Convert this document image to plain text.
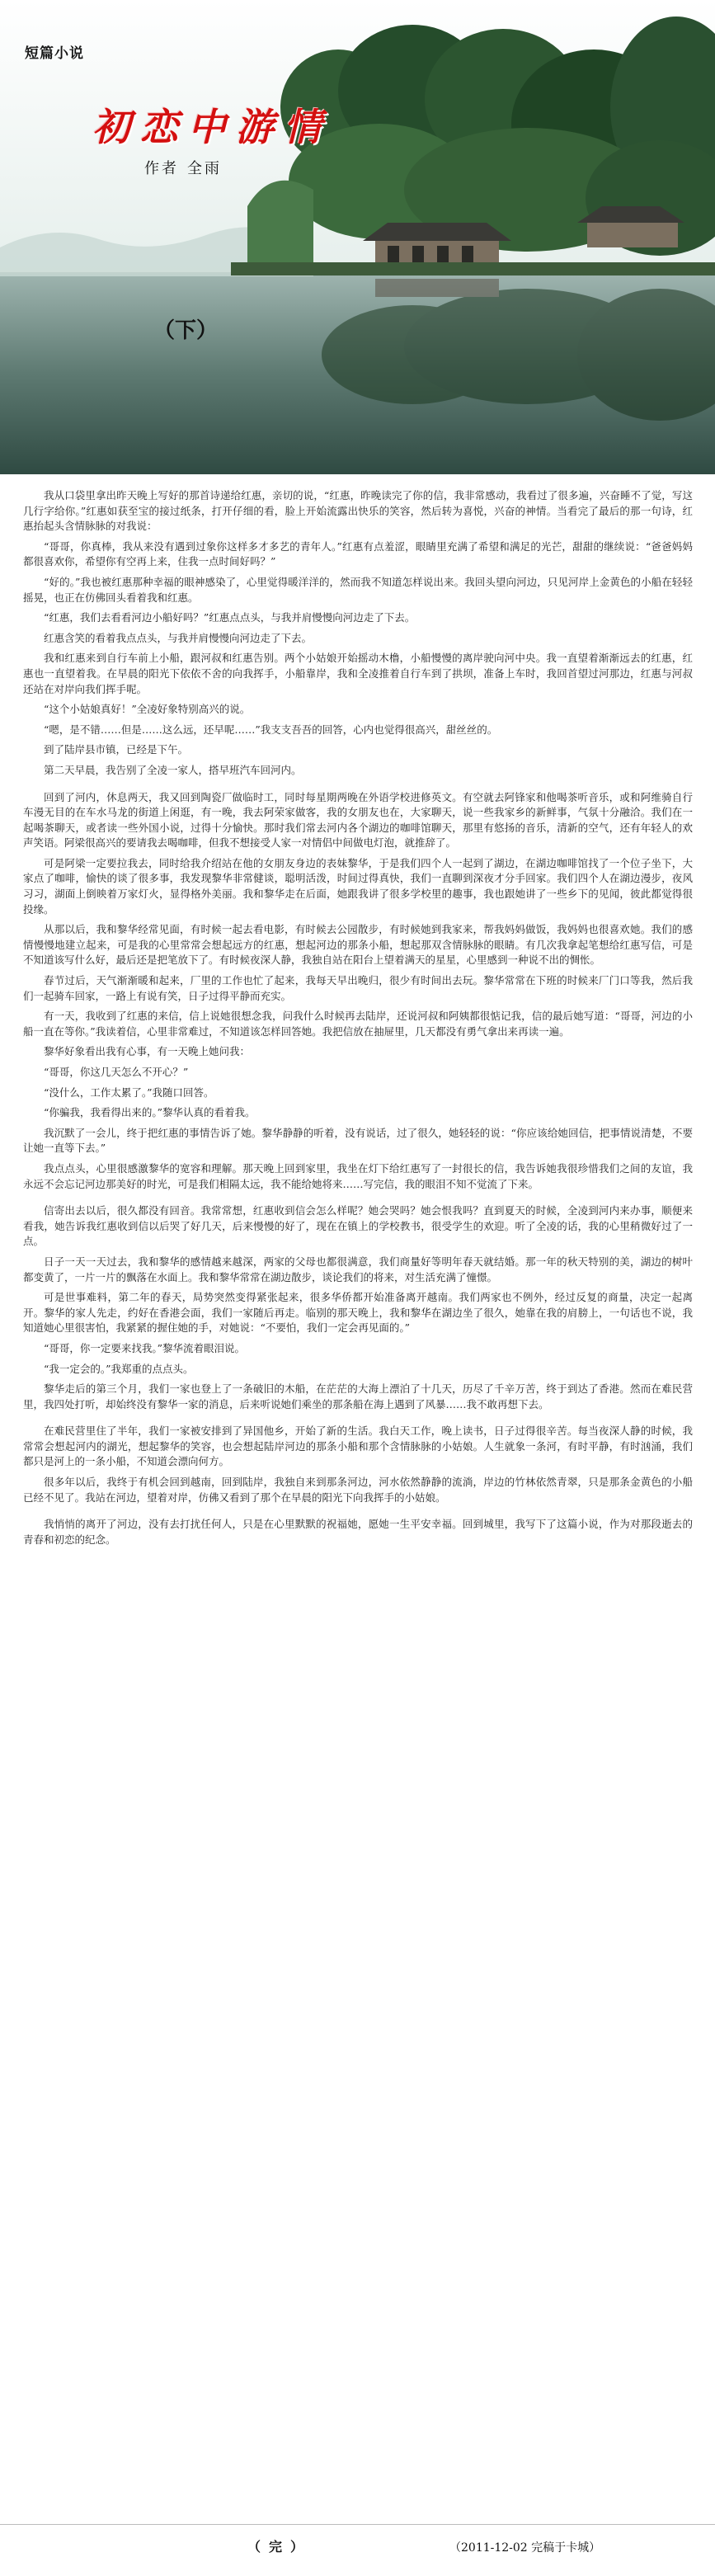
短篇小说
初恋中游情
作者 全雨
（下）

我从口袋里拿出昨天晚上写好的那首诗递给红惠，亲切的说，“红惠，昨晚读完了你的信，我非常感动，我看过了很多遍，兴奋睡不了觉，写这几行字给你。”红惠如获至宝的接过纸条，打开仔细的看，脸上开始流露出快乐的笑容，然后转为喜悦，兴奋的神情。当看完了最后的那一句诗，红惠抬起头含情脉脉的对我说：

“哥哥，你真棒，我从来没有遇到过象你这样多才多艺的青年人。”红惠有点羞涩，眼睛里充满了希望和满足的光芒，甜甜的继续说：“爸爸妈妈都很喜欢你，希望你有空再上来，住我一点时间好吗？”

“好的。”我也被红惠那种幸福的眼神感染了，心里觉得暖洋洋的，然而我不知道怎样说出来。我回头望向河边，只见河岸上金黄色的小船在轻轻摇晃，也正在仿佛回头看着我和红惠。

“红惠，我们去看看河边小船好吗？”红惠点点头，与我并肩慢慢向河边走了下去。

红惠含笑的看着我点点头，与我并肩慢慢向河边走了下去。

我和红惠来到自行车前上小船，跟河叔和红惠告别。两个小姑娘开始摇动木橹，小船慢慢的离岸驶向河中央。我一直望着渐渐远去的红惠，红惠也一直望着我。在早晨的阳光下依依不舍的向我挥手，小船靠岸，我和全凌推着自行车到了拱坝，准备上车时，我回首望过河那边，红惠与河叔还站在对岸向我们挥手呢。

“这个小姑娘真好！”全凌好象特别高兴的说。

“嗯，是不错……但是……这么远，还早呢……”我支支吾吾的回答，心内也觉得很高兴，甜丝丝的。

到了陆岸县市镇，已经是下午。

第二天早晨，我告别了全凌一家人，搭早班汽车回河内。

回到了河内，休息两天，我又回到陶瓷厂做临时工，同时每星期两晚在外语学校进修英文。有空就去阿锋家和他喝茶听音乐，或和阿维骑自行车漫无目的在车水马龙的街道上闲逛，有一晚，我去阿荣家做客，我的女朋友也在，大家聊天，说一些我家乡的新鲜事，气氛十分融洽。我们在一起喝茶聊天，或者读一些外国小说，过得十分愉快。那时我们常去河内各个湖边的咖啡馆聊天，那里有悠扬的音乐，清新的空气，还有年轻人的欢声笑语。阿梁很高兴的要请我去喝咖啡，但我不想接受人家一对情侣中间做电灯泡，就推辞了。

可是阿梁一定要拉我去，同时给我介绍站在他的女朋友身边的表妹黎华，于是我们四个人一起到了湖边，在湖边咖啡馆找了一个位子坐下，大家点了咖啡，愉快的谈了很多事，我发现黎华非常健谈，聪明活泼，时间过得真快，我们一直聊到深夜才分手回家。我们四个人在湖边漫步，夜风习习，湖面上倒映着万家灯火，显得格外美丽。我和黎华走在后面，她跟我讲了很多学校里的趣事，我也跟她讲了一些乡下的见闻，彼此都觉得很投缘。

从那以后，我和黎华经常见面，有时候一起去看电影，有时候去公园散步，有时候她到我家来，帮我妈妈做饭，我妈妈也很喜欢她。我们的感情慢慢地建立起来，可是我的心里常常会想起远方的红惠，想起河边的那条小船，想起那双含情脉脉的眼睛。有几次我拿起笔想给红惠写信，可是不知道该写什么好，最后还是把笔放下了。有时候夜深人静，我独自站在阳台上望着满天的星星，心里感到一种说不出的惆怅。

春节过后，天气渐渐暖和起来，厂里的工作也忙了起来，我每天早出晚归，很少有时间出去玩。黎华常常在下班的时候来厂门口等我，然后我们一起骑车回家，一路上有说有笑，日子过得平静而充实。

有一天，我收到了红惠的来信，信上说她很想念我，问我什么时候再去陆岸，还说河叔和阿姨都很惦记我，信的最后她写道：“哥哥，河边的小船一直在等你。”我读着信，心里非常难过，不知道该怎样回答她。我把信放在抽屉里，几天都没有勇气拿出来再读一遍。

黎华好象看出我有心事，有一天晚上她问我：

“哥哥，你这几天怎么不开心？”

“没什么，工作太累了。”我随口回答。

“你骗我，我看得出来的。”黎华认真的看着我。

我沉默了一会儿，终于把红惠的事情告诉了她。黎华静静的听着，没有说话，过了很久，她轻轻的说：“你应该给她回信，把事情说清楚，不要让她一直等下去。”

我点点头，心里很感激黎华的宽容和理解。那天晚上回到家里，我坐在灯下给红惠写了一封很长的信，我告诉她我很珍惜我们之间的友谊，我永远不会忘记河边那美好的时光，可是我们相隔太远，我不能给她将来……写完信，我的眼泪不知不觉流了下来。

信寄出去以后，很久都没有回音。我常常想，红惠收到信会怎么样呢？她会哭吗？她会恨我吗？直到夏天的时候，全凌到河内来办事，顺便来看我，她告诉我红惠收到信以后哭了好几天，后来慢慢的好了，现在在镇上的学校教书，很受学生的欢迎。听了全凌的话，我的心里稍微好过了一点。

日子一天一天过去，我和黎华的感情越来越深，两家的父母也都很满意，我们商量好等明年春天就结婚。那一年的秋天特别的美，湖边的树叶都变黄了，一片一片的飘落在水面上。我和黎华常常在湖边散步，谈论我们的将来，对生活充满了憧憬。

可是世事难料，第二年的春天，局势突然变得紧张起来，很多华侨都开始准备离开越南。我们两家也不例外，经过反复的商量，决定一起离开。黎华的家人先走，约好在香港会面，我们一家随后再走。临别的那天晚上，我和黎华在湖边坐了很久，她靠在我的肩膀上，一句话也不说，我知道她心里很害怕，我紧紧的握住她的手，对她说：“不要怕，我们一定会再见面的。”

“哥哥，你一定要来找我。”黎华流着眼泪说。

“我一定会的。”我郑重的点点头。

黎华走后的第三个月，我们一家也登上了一条破旧的木船，在茫茫的大海上漂泊了十几天，历尽了千辛万苦，终于到达了香港。然而在难民营里，我四处打听，却始终没有黎华一家的消息，后来听说她们乘坐的那条船在海上遇到了风暴……我不敢再想下去。

在难民营里住了半年，我们一家被安排到了异国他乡，开始了新的生活。我白天工作，晚上读书，日子过得很辛苦。每当夜深人静的时候，我常常会想起河内的湖光，想起黎华的笑容，也会想起陆岸河边的那条小船和那个含情脉脉的小姑娘。人生就象一条河，有时平静，有时汹涌，我们都只是河上的一条小船，不知道会漂向何方。

很多年以后，我终于有机会回到越南，回到陆岸，我独自来到那条河边，河水依然静静的流淌，岸边的竹林依然青翠，只是那条金黄色的小船已经不见了。我站在河边，望着对岸，仿佛又看到了那个在早晨的阳光下向我挥手的小姑娘。

我悄悄的离开了河边，没有去打扰任何人，只是在心里默默的祝福她，愿她一生平安幸福。回到城里，我写下了这篇小说，作为对那段逝去的青春和初恋的纪念。

（完）	（2011-12-02 完稿于卡城）
